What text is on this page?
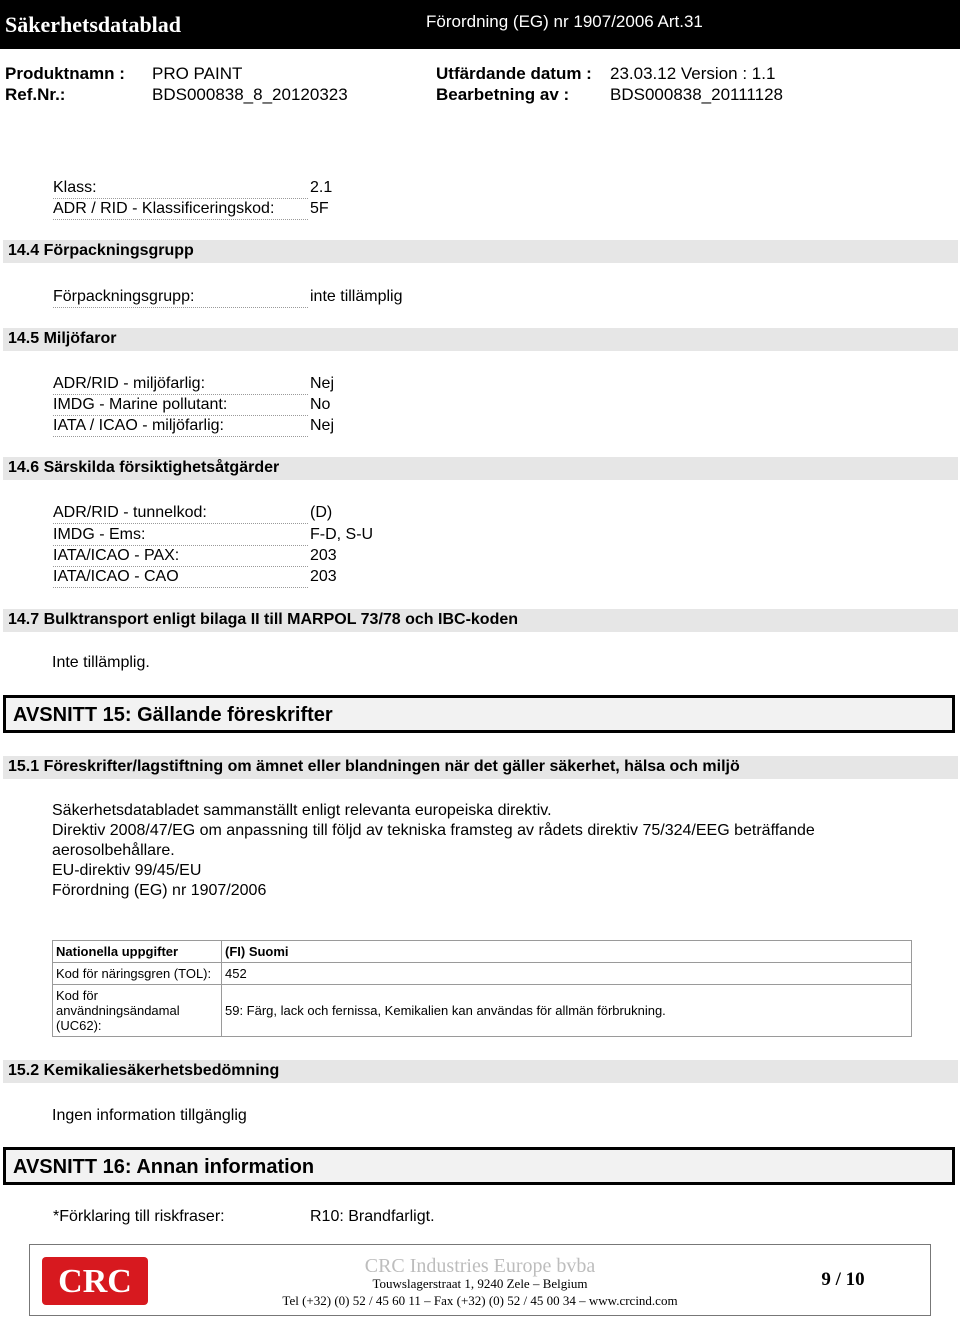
Säkerhetsdatablad	Förordning (EG) nr 1907/2006 Art.31
Produktnamn : PRO PAINT	Utfärdande datum : 23.03.12 Version : 1.1
Ref.Nr.:	BDS000838_8_20120323	Bearbetning av : BDS000838_20111128
Klass:	2.1
ADR / RID - Klassificeringskod:	5F
14.4 Förpackningsgrupp
Förpackningsgrupp:	inte tillämplig
14.5 Miljöfaror
ADR/RID - miljöfarlig:	Nej
IMDG - Marine pollutant:	No
IATA / ICAO - miljöfarlig:	Nej
14.6 Särskilda försiktighetsåtgärder
ADR/RID - tunnelkod:	(D)
IMDG - Ems:	F-D, S-U
IATA/ICAO - PAX:	203
IATA/ICAO - CAO	203
14.7 Bulktransport enligt bilaga II till MARPOL 73/78 och IBC-koden
Inte tillämplig.
AVSNITT 15: Gällande föreskrifter
15.1 Föreskrifter/lagstiftning om ämnet eller blandningen när det gäller säkerhet, hälsa och miljö
Säkerhetsdatabladet sammanställt enligt relevanta europeiska direktiv.
Direktiv 2008/47/EG om anpassning till följd av tekniska framsteg av rådets direktiv 75/324/EEG beträffande
aerosolbehållare.
EU-direktiv 99/45/EU
Förordning (EG) nr 1907/2006
Nationella uppgifter	(FI) Suomi
Kod för näringsgren (TOL):	452
Kod för användningsändamal (UC62):	59: Färg, lack och fernissa, Kemikalien kan användas för allmän förbrukning.
15.2 Kemikaliesäkerhetsbedömning
Ingen information tillgänglig
AVSNITT 16: Annan information
*Förklaring till riskfraser:	R10: Brandfarligt.
CRC	CRC Industries Europe bvba
Touwslagerstraat 1, 9240 Zele – Belgium
Tel (+32) (0) 52 / 45 60 11 – Fax (+32) (0) 52 / 45 00 34 – www.crcind.com
9 / 10
